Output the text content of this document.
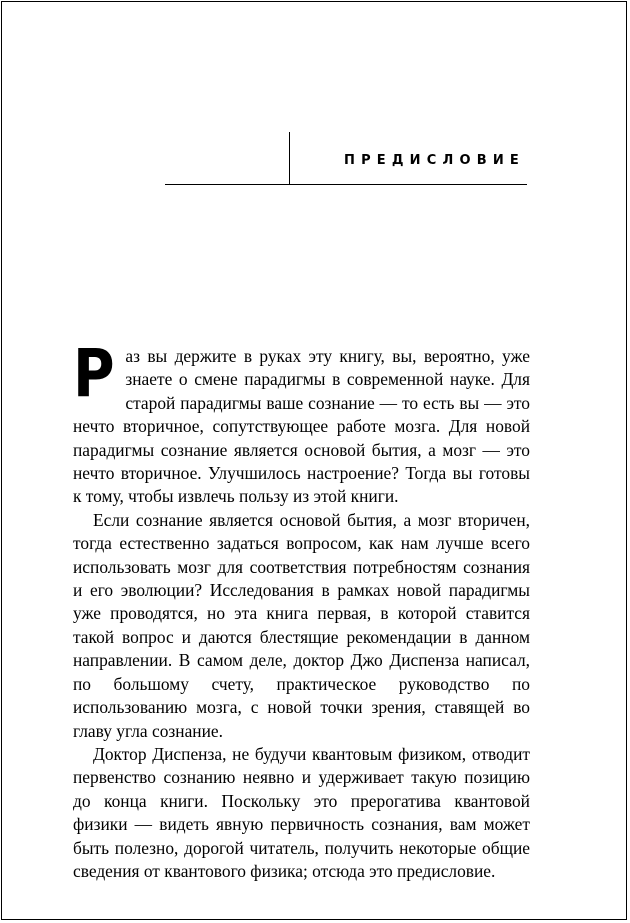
ПРЕДИСЛОВИЕ

Раз вы держите в руках эту книгу, вы, вероятно, уже знаете о смене парадигмы в современной науке. Для старой парадигмы ваше сознание — то есть вы — это нечто вторичное, сопутствующее работе мозга. Для новой парадигмы сознание является основой бытия, а мозг — это нечто вторичное. Улучшилось настроение? Тогда вы готовы к тому, чтобы извлечь пользу из этой книги.

Если сознание является основой бытия, а мозг вторичен, тогда естественно задаться вопросом, как нам лучше всего использовать мозг для соответствия потребностям сознания и его эволюции? Исследования в рамках новой парадигмы уже проводятся, но эта книга первая, в которой ставится такой вопрос и даются блестящие рекомендации в данном направлении. В самом деле, доктор Джо Диспенза написал, по большому счету, практическое руководство по использованию мозга, с новой точки зрения, ставящей во главу угла сознание.

Доктор Диспенза, не будучи квантовым физиком, отводит первенство сознанию неявно и удерживает такую позицию до конца книги. Поскольку это прерогатива квантовой физики — видеть явную первичность сознания, вам может быть полезно, дорогой читатель, получить некоторые общие сведения от квантового физика; отсюда это предисловие.
